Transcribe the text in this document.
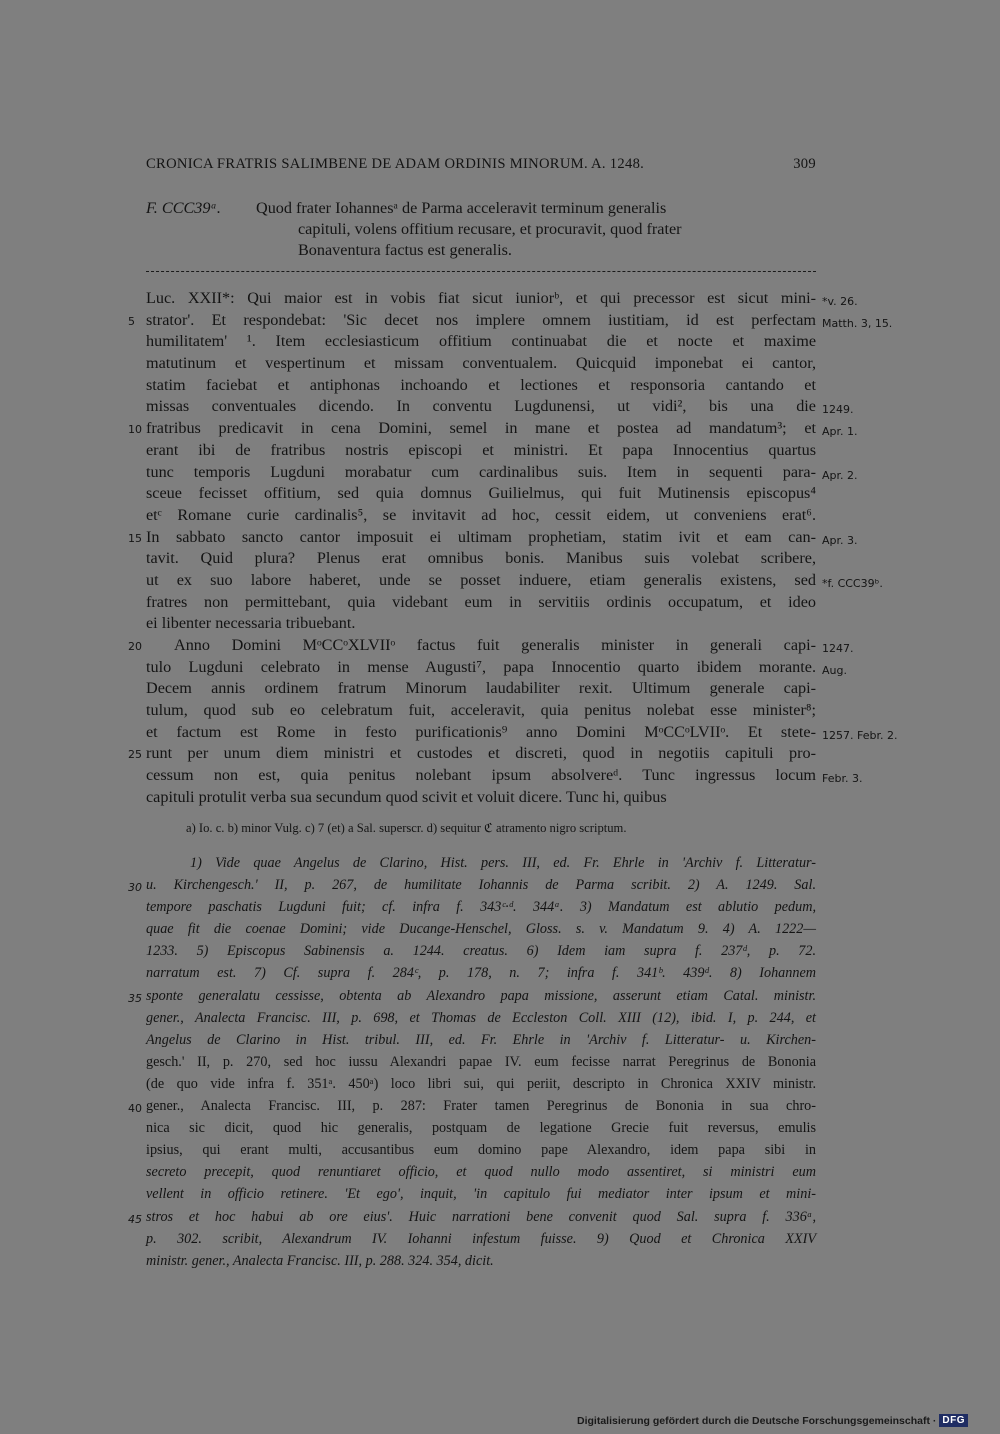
CRONICA FRATRIS SALIMBENE DE ADAM ORDINIS MINORUM. A. 1248.	309
F. CCC39ᵃ.	Quod frater Iohannesᵃ de Parma acceleravit terminum generalis
capituli, volens offitium recusare, et procuravit, quod frater
Bonaventura factus est generalis.
Luc. XXII*: Qui maior est in vobis fiat sicut iuniorᵇ, et qui precessor est sicut mini- *v. 26.
strator'. Et respondebat: 'Sic decet nos implere omnem iustitiam, id est perfectam
5	Matth. 3, 15.
humilitatem' ¹. Item ecclesiasticum offitium continuabat die et nocte et maxime
matutinum et vespertinum et missam conventualem. Quicquid imponebat ei cantor,
statim faciebat et antiphonas inchoando et lectiones et responsoria cantando et
missas conventuales dicendo. In conventu Lugdunensi, ut vidi², bis una die 1249.
fratribus predicavit in cena Domini, semel in mane et postea ad mandatum³; et
10	Apr. 1.
erant ibi de fratribus nostris episcopi et ministri. Et papa Innocentius quartus
tunc temporis Lugduni morabatur cum cardinalibus suis. Item in sequenti para- Apr. 2.
sceue fecisset offitium, sed quia domnus Guilielmus, qui fuit Mutinensis episcopus⁴
etᶜ Romane curie cardinalis⁵, se invitavit ad hoc, cessit eidem, ut conveniens erat⁶.
In sabbato sancto cantor imposuit ei ultimam prophetiam, statim ivit et eam can-
15	Apr. 3.
tavit. Quid plura? Plenus erat omnibus bonis. Manibus suis volebat scribere,
ut ex suo labore haberet, unde se posset induere, etiam generalis existens, sed *f. CCC39ᵇ.
fratres non permittebant, quia videbant eum in servitiis ordinis occupatum, et ideo
ei libenter necessaria tribuebant.
Anno Domini MᵒCCᵒXLVIIᵒ factus fuit generalis minister in generali capi-
20	1247.
tulo Lugduni celebrato in mense Augusti⁷, papa Innocentio quarto ibidem morante. Aug.
Decem annis ordinem fratrum Minorum laudabiliter rexit. Ultimum generale capi-
tulum, quod sub eo celebratum fuit, acceleravit, quia penitus nolebat esse minister⁸;
et factum est Rome in festo purificationis⁹ anno Domini MᵒCCᵒLVIIᵒ. Et stete- 1257. Febr. 2.
runt per unum diem ministri et custodes et discreti, quod in negotiis capituli pro-
25
cessum non est, quia penitus nolebant ipsum absolvereᵈ. Tunc ingressus locum Febr. 3.
capituli protulit verba sua secundum quod scivit et voluit dicere. Tunc hi, quibus
a) Io. c. b) minor Vulg. c) 7 (et) a Sal. superscr. d) sequitur ℭ atramento nigro scriptum.
1) Vide quae Angelus de Clarino, Hist. pers. III, ed. Fr. Ehrle in 'Archiv f. Litteratur-
u. Kirchengesch.' II, p. 267, de humilitate Iohannis de Parma scribit. 2) A. 1249. Sal.
30
tempore paschatis Lugduni fuit; cf. infra f. 343ᶜ·ᵈ. 344ᵃ. 3) Mandatum est ablutio pedum,
quae fit die coenae Domini; vide Ducange-Henschel, Gloss. s. v. Mandatum 9. 4) A. 1222—
1233. 5) Episcopus Sabinensis a. 1244. creatus. 6) Idem iam supra f. 237ᵈ, p. 72.
narratum est. 7) Cf. supra f. 284ᶜ, p. 178, n. 7; infra f. 341ᵇ. 439ᵈ. 8) Iohannem
sponte generalatu cessisse, obtenta ab Alexandro papa missione, asserunt etiam Catal. ministr.
35
gener., Analecta Francisc. III, p. 698, et Thomas de Eccleston Coll. XIII (12), ibid. I, p. 244, et
Angelus de Clarino in Hist. tribul. III, ed. Fr. Ehrle in 'Archiv f. Litteratur- u. Kirchen-
gesch.' II, p. 270, sed hoc iussu Alexandri papae IV. eum fecisse narrat Peregrinus de Bononia
(de quo vide infra f. 351ᵃ. 450ᵃ) loco libri sui, qui periit, descripto in Chronica XXIV ministr.
gener., Analecta Francisc. III, p. 287: Frater tamen Peregrinus de Bononia in sua chro-
40
nica sic dicit, quod hic generalis, postquam de legatione Grecie fuit reversus, emulis
ipsius, qui erant multi, accusantibus eum domino pape Alexandro, idem papa sibi in
secreto precepit, quod renuntiaret officio, et quod nullo modo assentiret, si ministri eum
vellent in officio retinere. 'Et ego', inquit, 'in capitulo fui mediator inter ipsum et mini-
stros et hoc habui ab ore eius'. Huic narrationi bene convenit quod Sal. supra f. 336ᵃ,
45
p. 302. scribit, Alexandrum IV. Iohanni infestum fuisse. 9) Quod et Chronica XXIV
ministr. gener., Analecta Francisc. III, p. 288. 324. 354, dicit.
Digitalisierung gefördert durch die Deutsche Forschungsgemeinschaft · DFG
